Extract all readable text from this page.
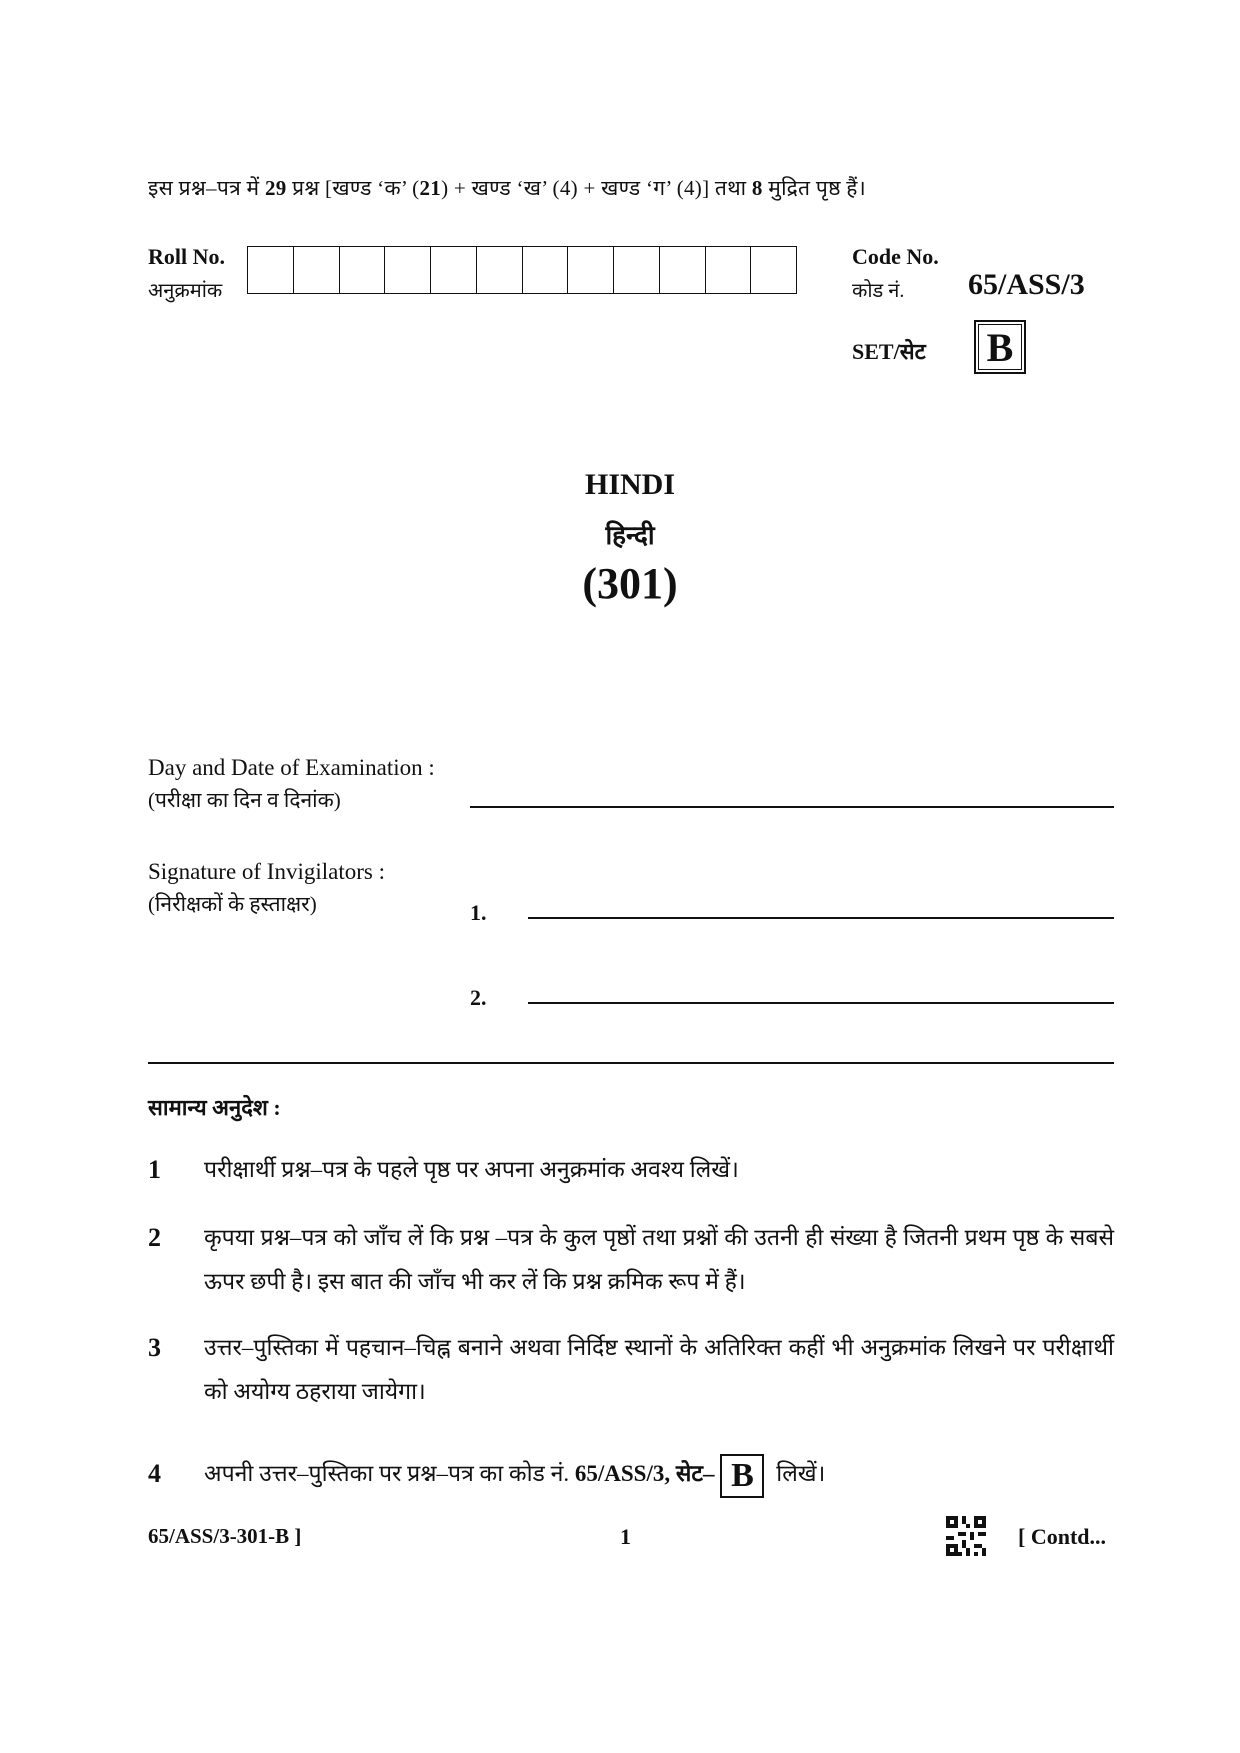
इस प्रश्न–पत्र में 29 प्रश्न [खण्ड ‘क’ (21) + खण्ड ‘ख’ (4) + खण्ड ‘ग’ (4)] तथा 8 मुद्रित पृष्ठ हैं।
Roll No.
अनुक्रमांक
Code No.
कोड नं.	65/ASS/3
SET/सेट B
HINDI
हिन्दी
(301)
Day and Date of Examination :
(परीक्षा का दिन व दिनांक)
Signature of Invigilators :
(निरीक्षकों के हस्ताक्षर)	1.
2.
सामान्य अनुदेश :
1	परीक्षार्थी प्रश्न–पत्र के पहले पृष्ठ पर अपना अनुक्रमांक अवश्य लिखें।
2	कृपया प्रश्न–पत्र को जाँच लें कि प्रश्न –पत्र के कुल पृष्ठों तथा प्रश्नों की उतनी ही संख्या है जितनी प्रथम पृष्ठ के सबसे ऊपर छपी है। इस बात की जाँच भी कर लें कि प्रश्न क्रमिक रूप में हैं।
3	उत्तर–पुस्तिका में पहचान–चिह्न बनाने अथवा निर्दिष्ट स्थानों के अतिरिक्त कहीं भी अनुक्रमांक लिखने पर परीक्षार्थी को अयोग्य ठहराया जायेगा।
4	अपनी उत्तर–पुस्तिका पर प्रश्न–पत्र का कोड नं. 65/ASS/3, सेट– B लिखें।
65/ASS/3-301-B ]	1	[ Contd...
